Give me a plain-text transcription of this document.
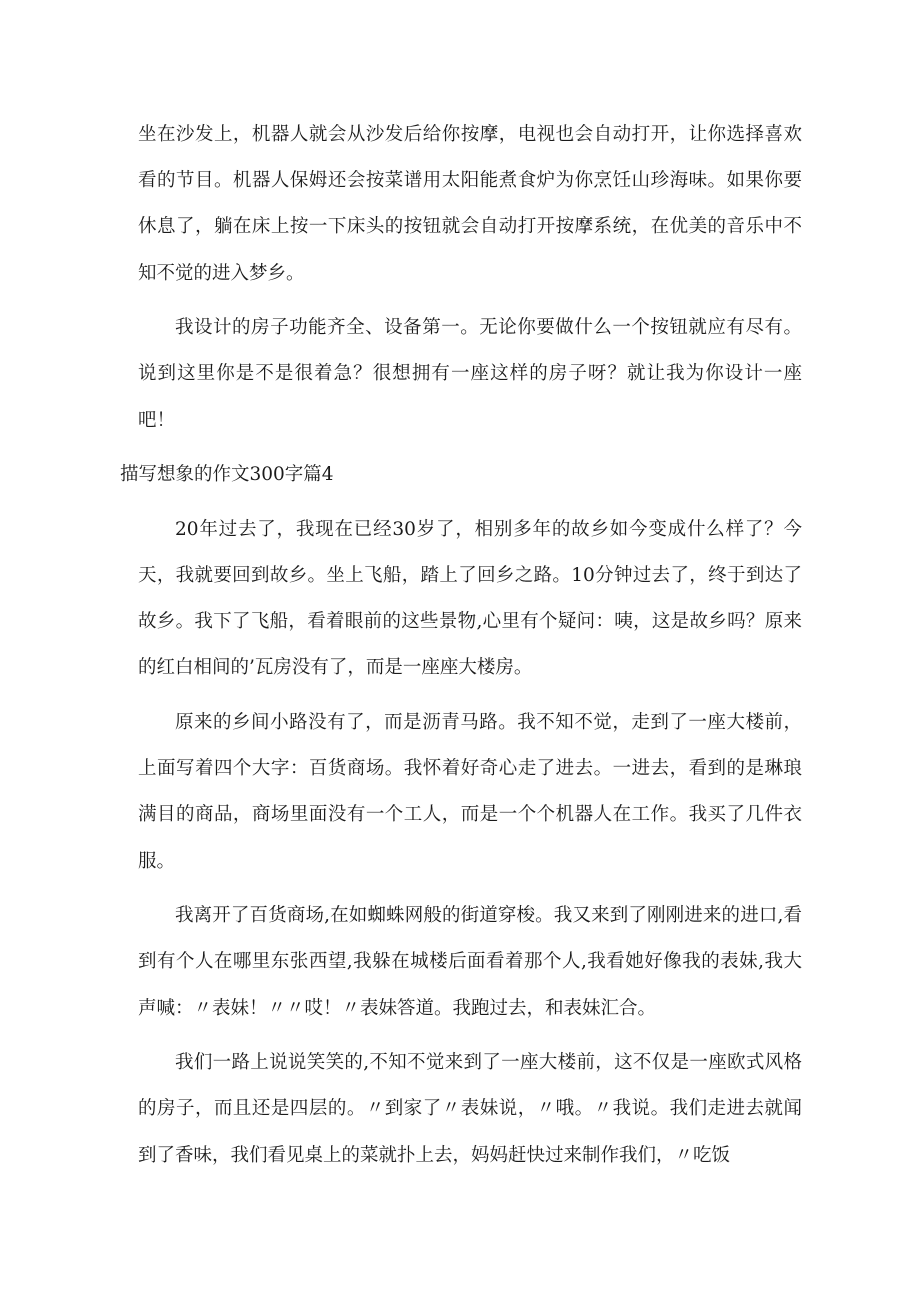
坐在沙发上，机器人就会从沙发后给你按摩，电视也会自动打开，让你选择喜欢看的节目。机器人保姆还会按菜谱用太阳能煮食炉为你烹饪山珍海味。如果你要休息了，躺在床上按一下床头的按钮就会自动打开按摩系统，在优美的音乐中不知不觉的进入梦乡。

我设计的房子功能齐全、设备第一。无论你要做什么一个按钮就应有尽有。说到这里你是不是很着急？很想拥有一座这样的房子呀？就让我为你设计一座吧！

描写想象的作文300字篇4

20年过去了，我现在已经30岁了，相别多年的故乡如今变成什么样了？今天，我就要回到故乡。坐上飞船，踏上了回乡之路。10分钟过去了，终于到达了故乡。我下了飞船，看着眼前的这些景物,心里有个疑问：咦，这是故乡吗？原来的红白相间的’瓦房没有了，而是一座座大楼房。

原来的乡间小路没有了，而是沥青马路。我不知不觉，走到了一座大楼前，上面写着四个大字：百货商场。我怀着好奇心走了进去。一进去，看到的是琳琅满目的商品，商场里面没有一个工人，而是一个个机器人在工作。我买了几件衣服。

我离开了百货商场,在如蜘蛛网般的街道穿梭。我又来到了刚刚进来的进口,看到有个人在哪里东张西望,我躲在城楼后面看着那个人,我看她好像我的表妹,我大声喊：〃表妹！〃〃哎！〃表妹答道。我跑过去，和表妹汇合。

我们一路上说说笑笑的,不知不觉来到了一座大楼前，这不仅是一座欧式风格的房子，而且还是四层的。〃到家了〃表妹说，〃哦。〃我说。我们走进去就闻到了香味，我们看见桌上的菜就扑上去，妈妈赶快过来制作我们，〃吃饭
